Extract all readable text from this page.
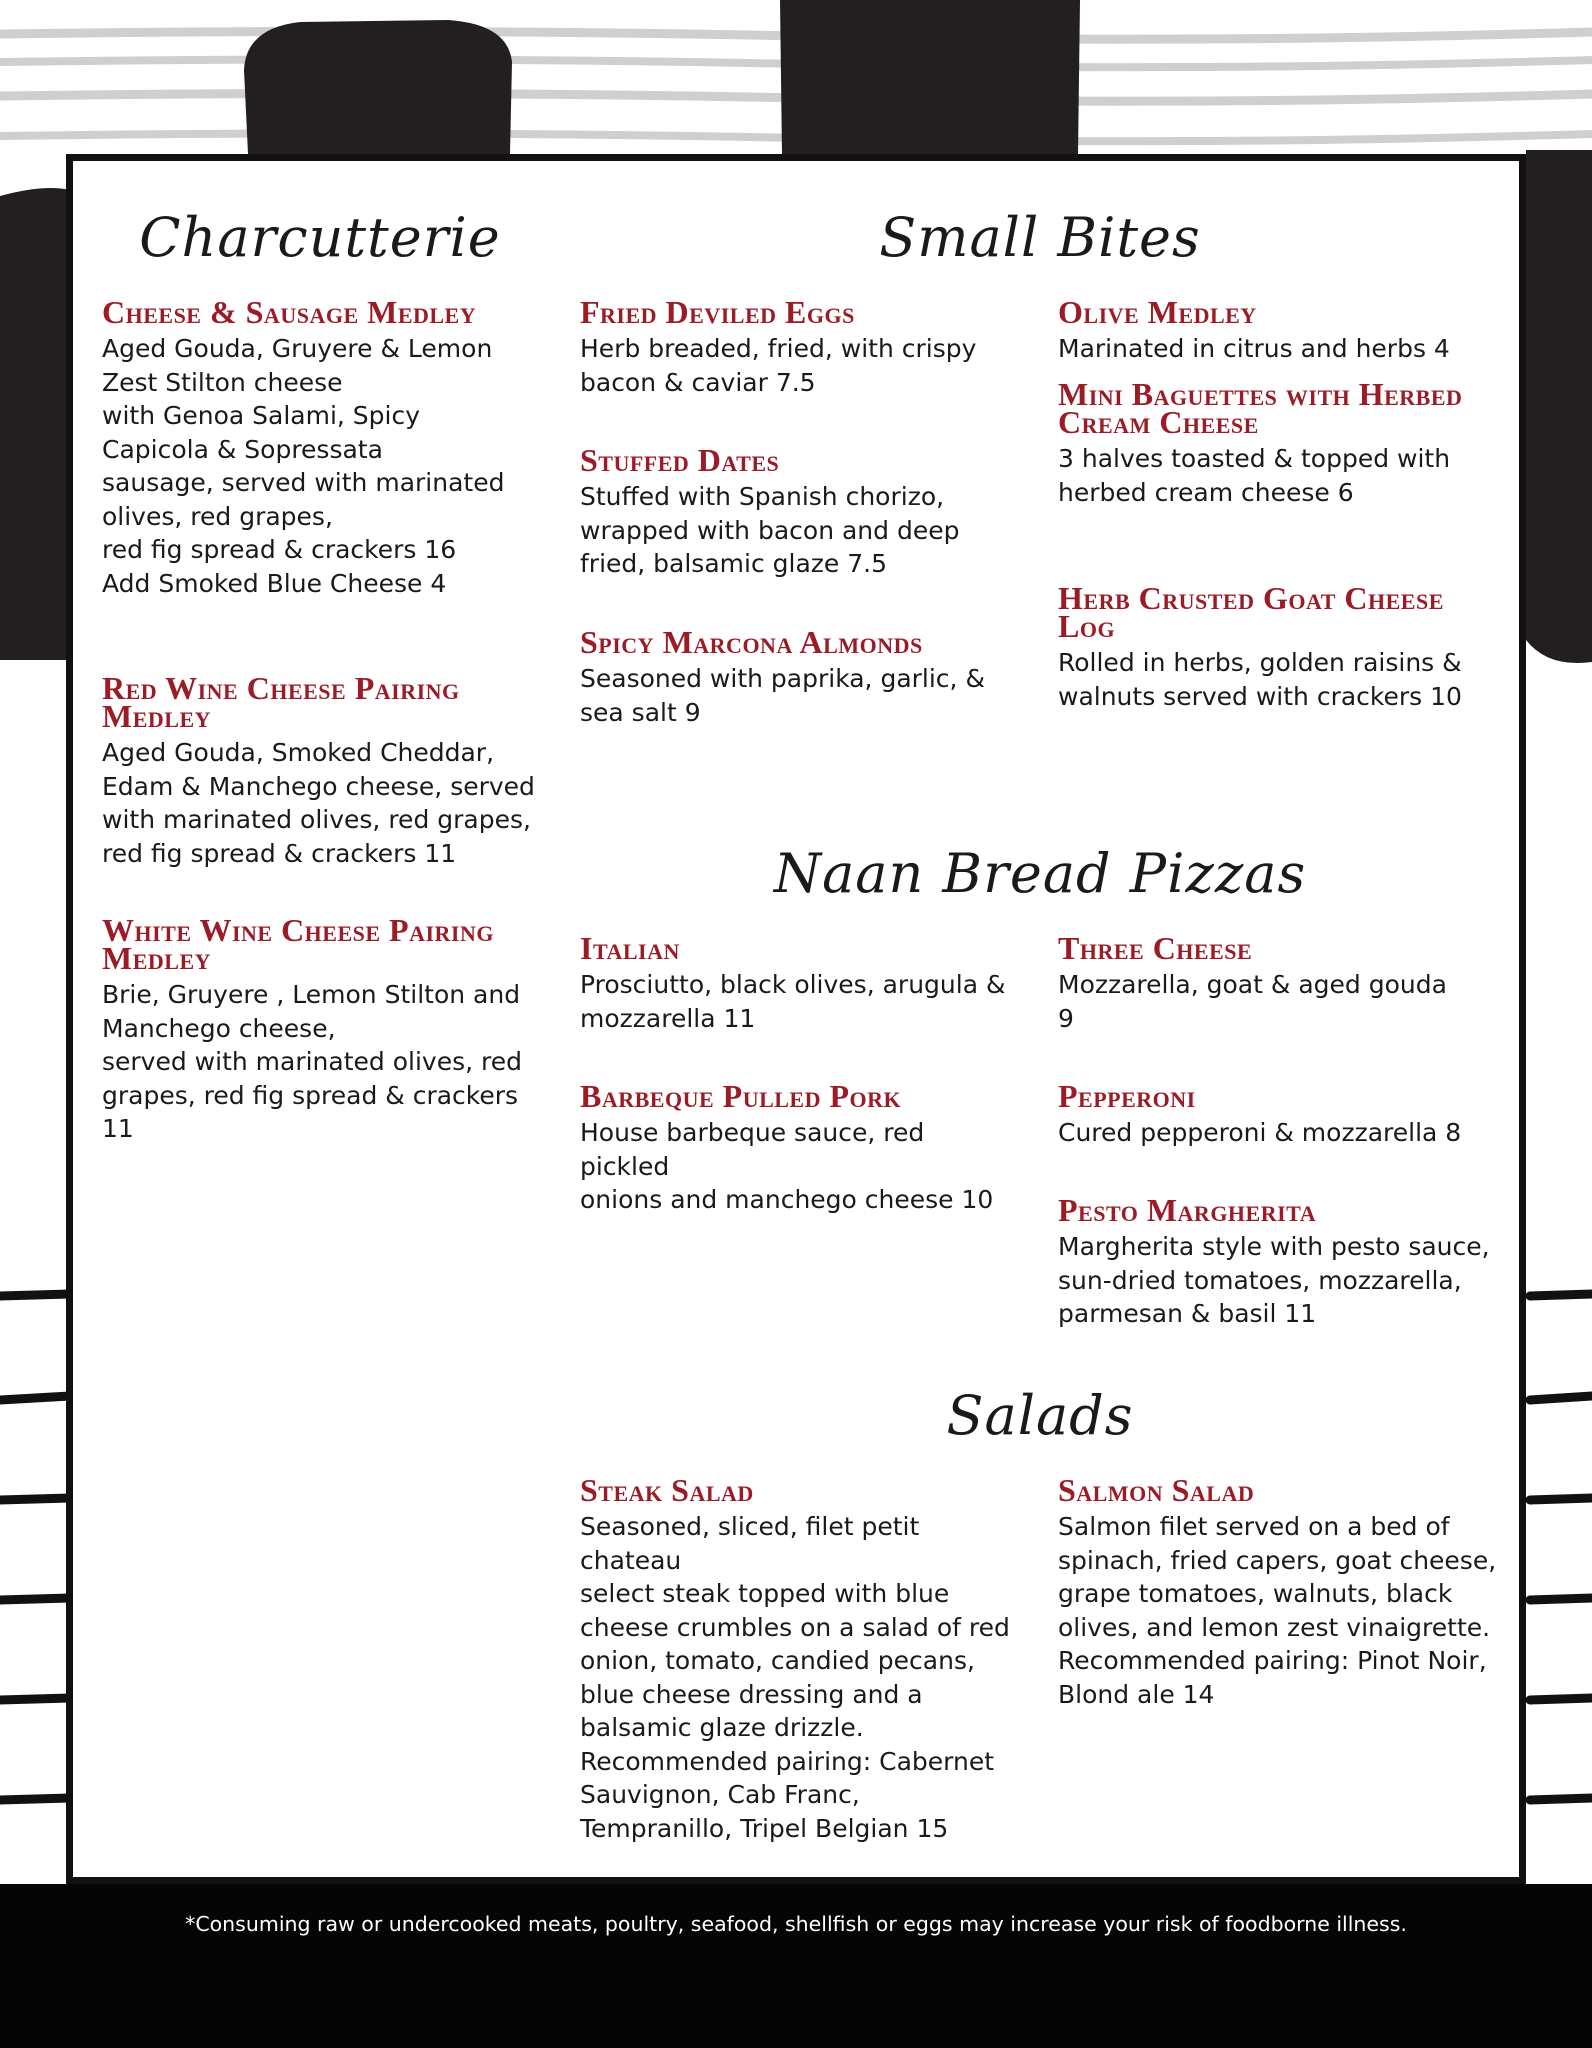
Charcutterie	Small Bites
Naan Bread Pizzas
Salads
Cheese & Sausage Medley

Aged Gouda, Gruyere & Lemon
Zest Stilton cheese
with Genoa Salami, Spicy
Capicola & Sopressata
sausage, served with marinated
olives, red grapes,
red fig spread & crackers 16
Add Smoked Blue Cheese 4

Red Wine Cheese Pairing Medley

Aged Gouda, Smoked Cheddar,
Edam & Manchego cheese, served
with marinated olives, red grapes,
red fig spread & crackers 11

White Wine Cheese Pairing Medley

Brie, Gruyere , Lemon Stilton and
Manchego cheese,
served with marinated olives, red
grapes, red fig spread & crackers
11

Fried Deviled Eggs

Herb breaded, fried, with crispy
bacon & caviar 7.5

Stuffed Dates

Stuffed with Spanish chorizo,
wrapped with bacon and deep
fried, balsamic glaze 7.5

Spicy Marcona Almonds

Seasoned with paprika, garlic, &
sea salt 9

Olive Medley

Marinated in citrus and herbs 4

Mini Baguettes with Herbed Cream Cheese

3 halves toasted & topped with
herbed cream cheese 6

Herb Crusted Goat Cheese Log

Rolled in herbs, golden raisins &
walnuts served with crackers 10

Italian

Prosciutto, black olives, arugula &
mozzarella 11

Barbeque Pulled Pork

House barbeque sauce, red pickled
onions and manchego cheese 10

Three Cheese

Mozzarella, goat & aged gouda
9

Pepperoni

Cured pepperoni & mozzarella 8

Pesto Margherita

Margherita style with pesto sauce,
sun-dried tomatoes, mozzarella,
parmesan & basil 11

Steak Salad

Seasoned, sliced, filet petit chateau
select steak topped with blue
cheese crumbles on a salad of red
onion, tomato, candied pecans,
blue cheese dressing and a
balsamic glaze drizzle.
Recommended pairing: Cabernet
Sauvignon, Cab Franc,
Tempranillo, Tripel Belgian 15

Salmon Salad

Salmon filet served on a bed of
spinach, fried capers, goat cheese,
grape tomatoes, walnuts, black
olives, and lemon zest vinaigrette.
Recommended pairing: Pinot Noir,
Blond ale 14

*Consuming raw or undercooked meats, poultry, seafood, shellfish or eggs may increase your risk of foodborne illness.
